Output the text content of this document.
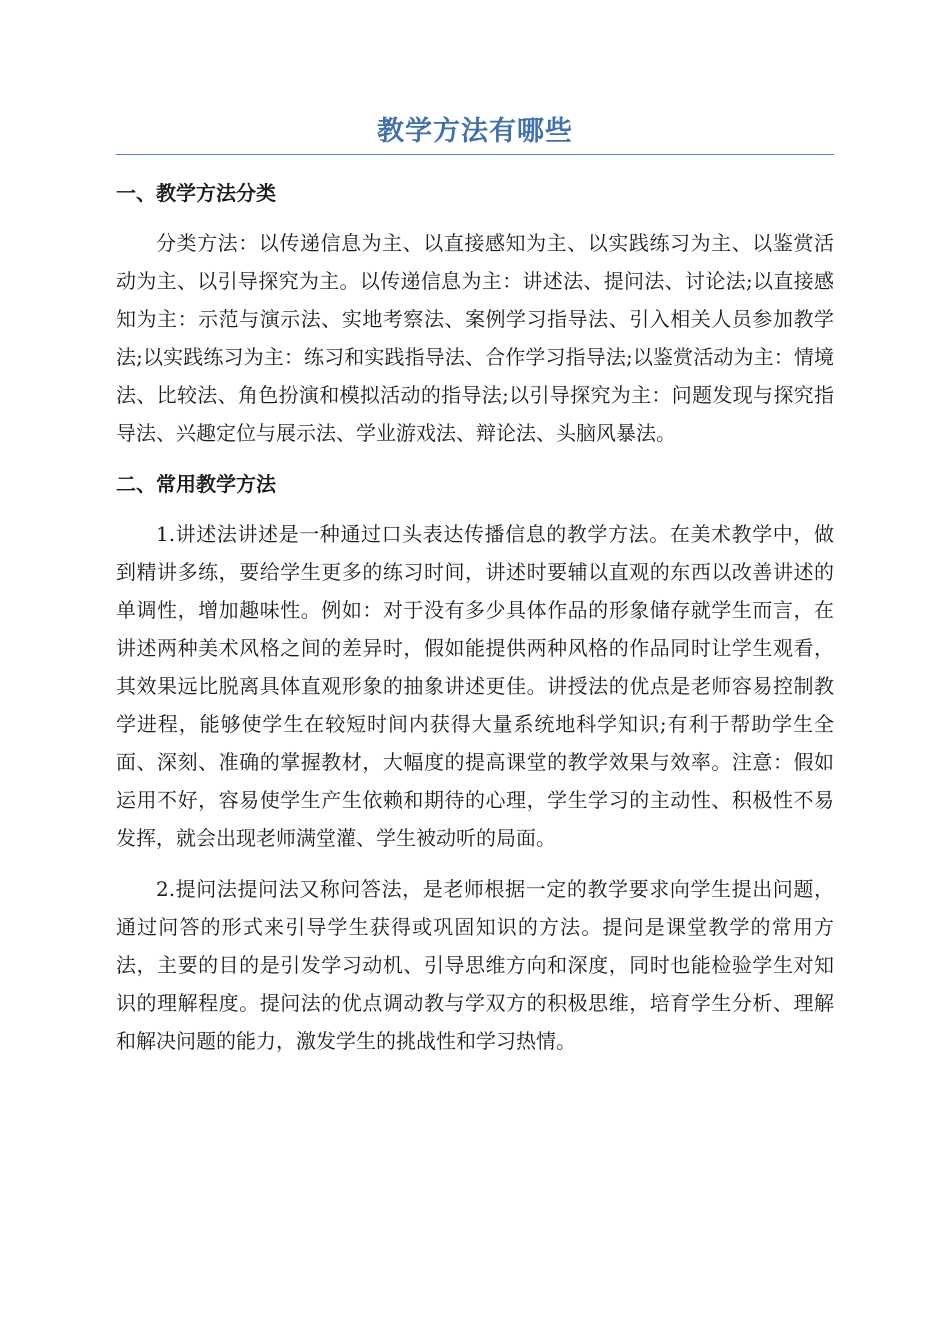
教学方法有哪些
一、教学方法分类

分类方法：以传递信息为主、以直接感知为主、以实践练习为主、以鉴赏活动为主、以引导探究为主。以传递信息为主：讲述法、提问法、讨论法;以直接感知为主：示范与演示法、实地考察法、案例学习指导法、引入相关人员参加教学法;以实践练习为主：练习和实践指导法、合作学习指导法;以鉴赏活动为主：情境法、比较法、角色扮演和模拟活动的指导法;以引导探究为主：问题发现与探究指导法、兴趣定位与展示法、学业游戏法、辩论法、头脑风暴法。

二、常用教学方法

1.讲述法讲述是一种通过口头表达传播信息的教学方法。在美术教学中，做到精讲多练，要给学生更多的练习时间，讲述时要辅以直观的东西以改善讲述的单调性，增加趣味性。例如：对于没有多少具体作品的形象储存就学生而言，在讲述两种美术风格之间的差异时，假如能提供两种风格的作品同时让学生观看，其效果远比脱离具体直观形象的抽象讲述更佳。讲授法的优点是老师容易控制教学进程，能够使学生在较短时间内获得大量系统地科学知识;有利于帮助学生全面、深刻、准确的掌握教材，大幅度的提高课堂的教学效果与效率。注意：假如运用不好，容易使学生产生依赖和期待的心理，学生学习的主动性、积极性不易发挥，就会出现老师满堂灌、学生被动听的局面。

2.提问法提问法又称问答法，是老师根据一定的教学要求向学生提出问题，通过问答的形式来引导学生获得或巩固知识的方法。提问是课堂教学的常用方法，主要的目的是引发学习动机、引导思维方向和深度，同时也能检验学生对知识的理解程度。提问法的优点调动教与学双方的积极思维，培育学生分析、理解和解决问题的能力，激发学生的挑战性和学习热情。
